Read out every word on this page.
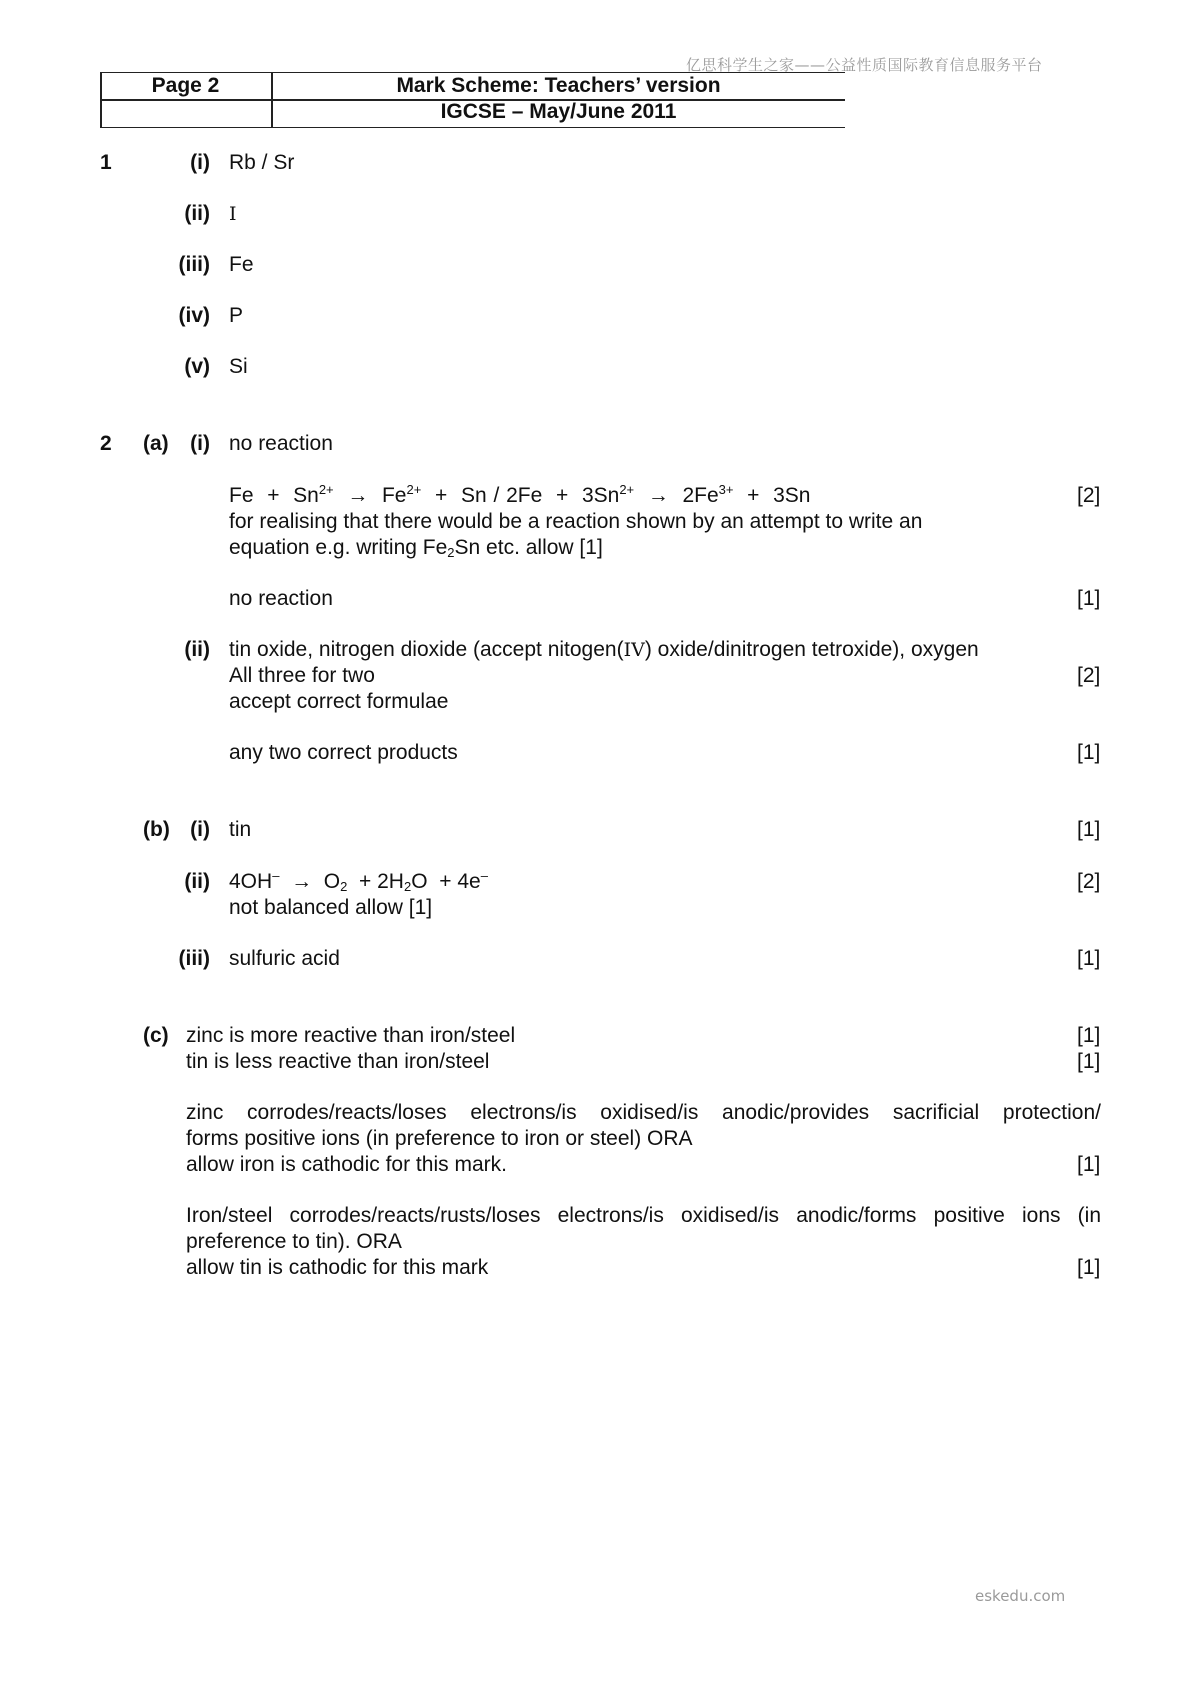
亿思科学生之家——公益性质国际教育信息服务平台
eskedu.com
Page 2	Mark Scheme: Teachers’ version
IGCSE – May/June 2011
1	(i) Rb / Sr
(ii) I
(iii) Fe
(iv) P
(v) Si
2 (a)	(i) no reaction
$Fe + Sn^{2+} \to Fe^{2+} + Sn / 2Fe + 3Sn^{2+} \to 2Fe^{3+} + 3Sn$	[2]
for realising that there would be a reaction shown by an attempt to write an
equation e.g. writing $Fe_2Sn$ etc. allow [1]
no reaction	[1]
(ii) tin oxide, nitrogen dioxide (accept nitogen(IV) oxide/dinitrogen tetroxide), oxygen
All three for two	[2]
accept correct formulae
any two correct products	[1]
(b) (i) tin	[1]
(ii) $4OH^- \to O_2 + 2H_2O + 4e^-$	[2]
not balanced allow [1]
(iii) sulfuric acid	[1]
(c) zinc is more reactive than iron/steel	[1]
tin is less reactive than iron/steel	[1]
zinc corrodes/reacts/loses electrons/is oxidised/is anodic/provides sacrificial protection/
forms positive ions (in preference to iron or steel) ORA
allow iron is cathodic for this mark.	[1]
Iron/steel corrodes/reacts/rusts/loses electrons/is oxidised/is anodic/forms positive ions (in
preference to tin). ORA
allow tin is cathodic for this mark	[1]
